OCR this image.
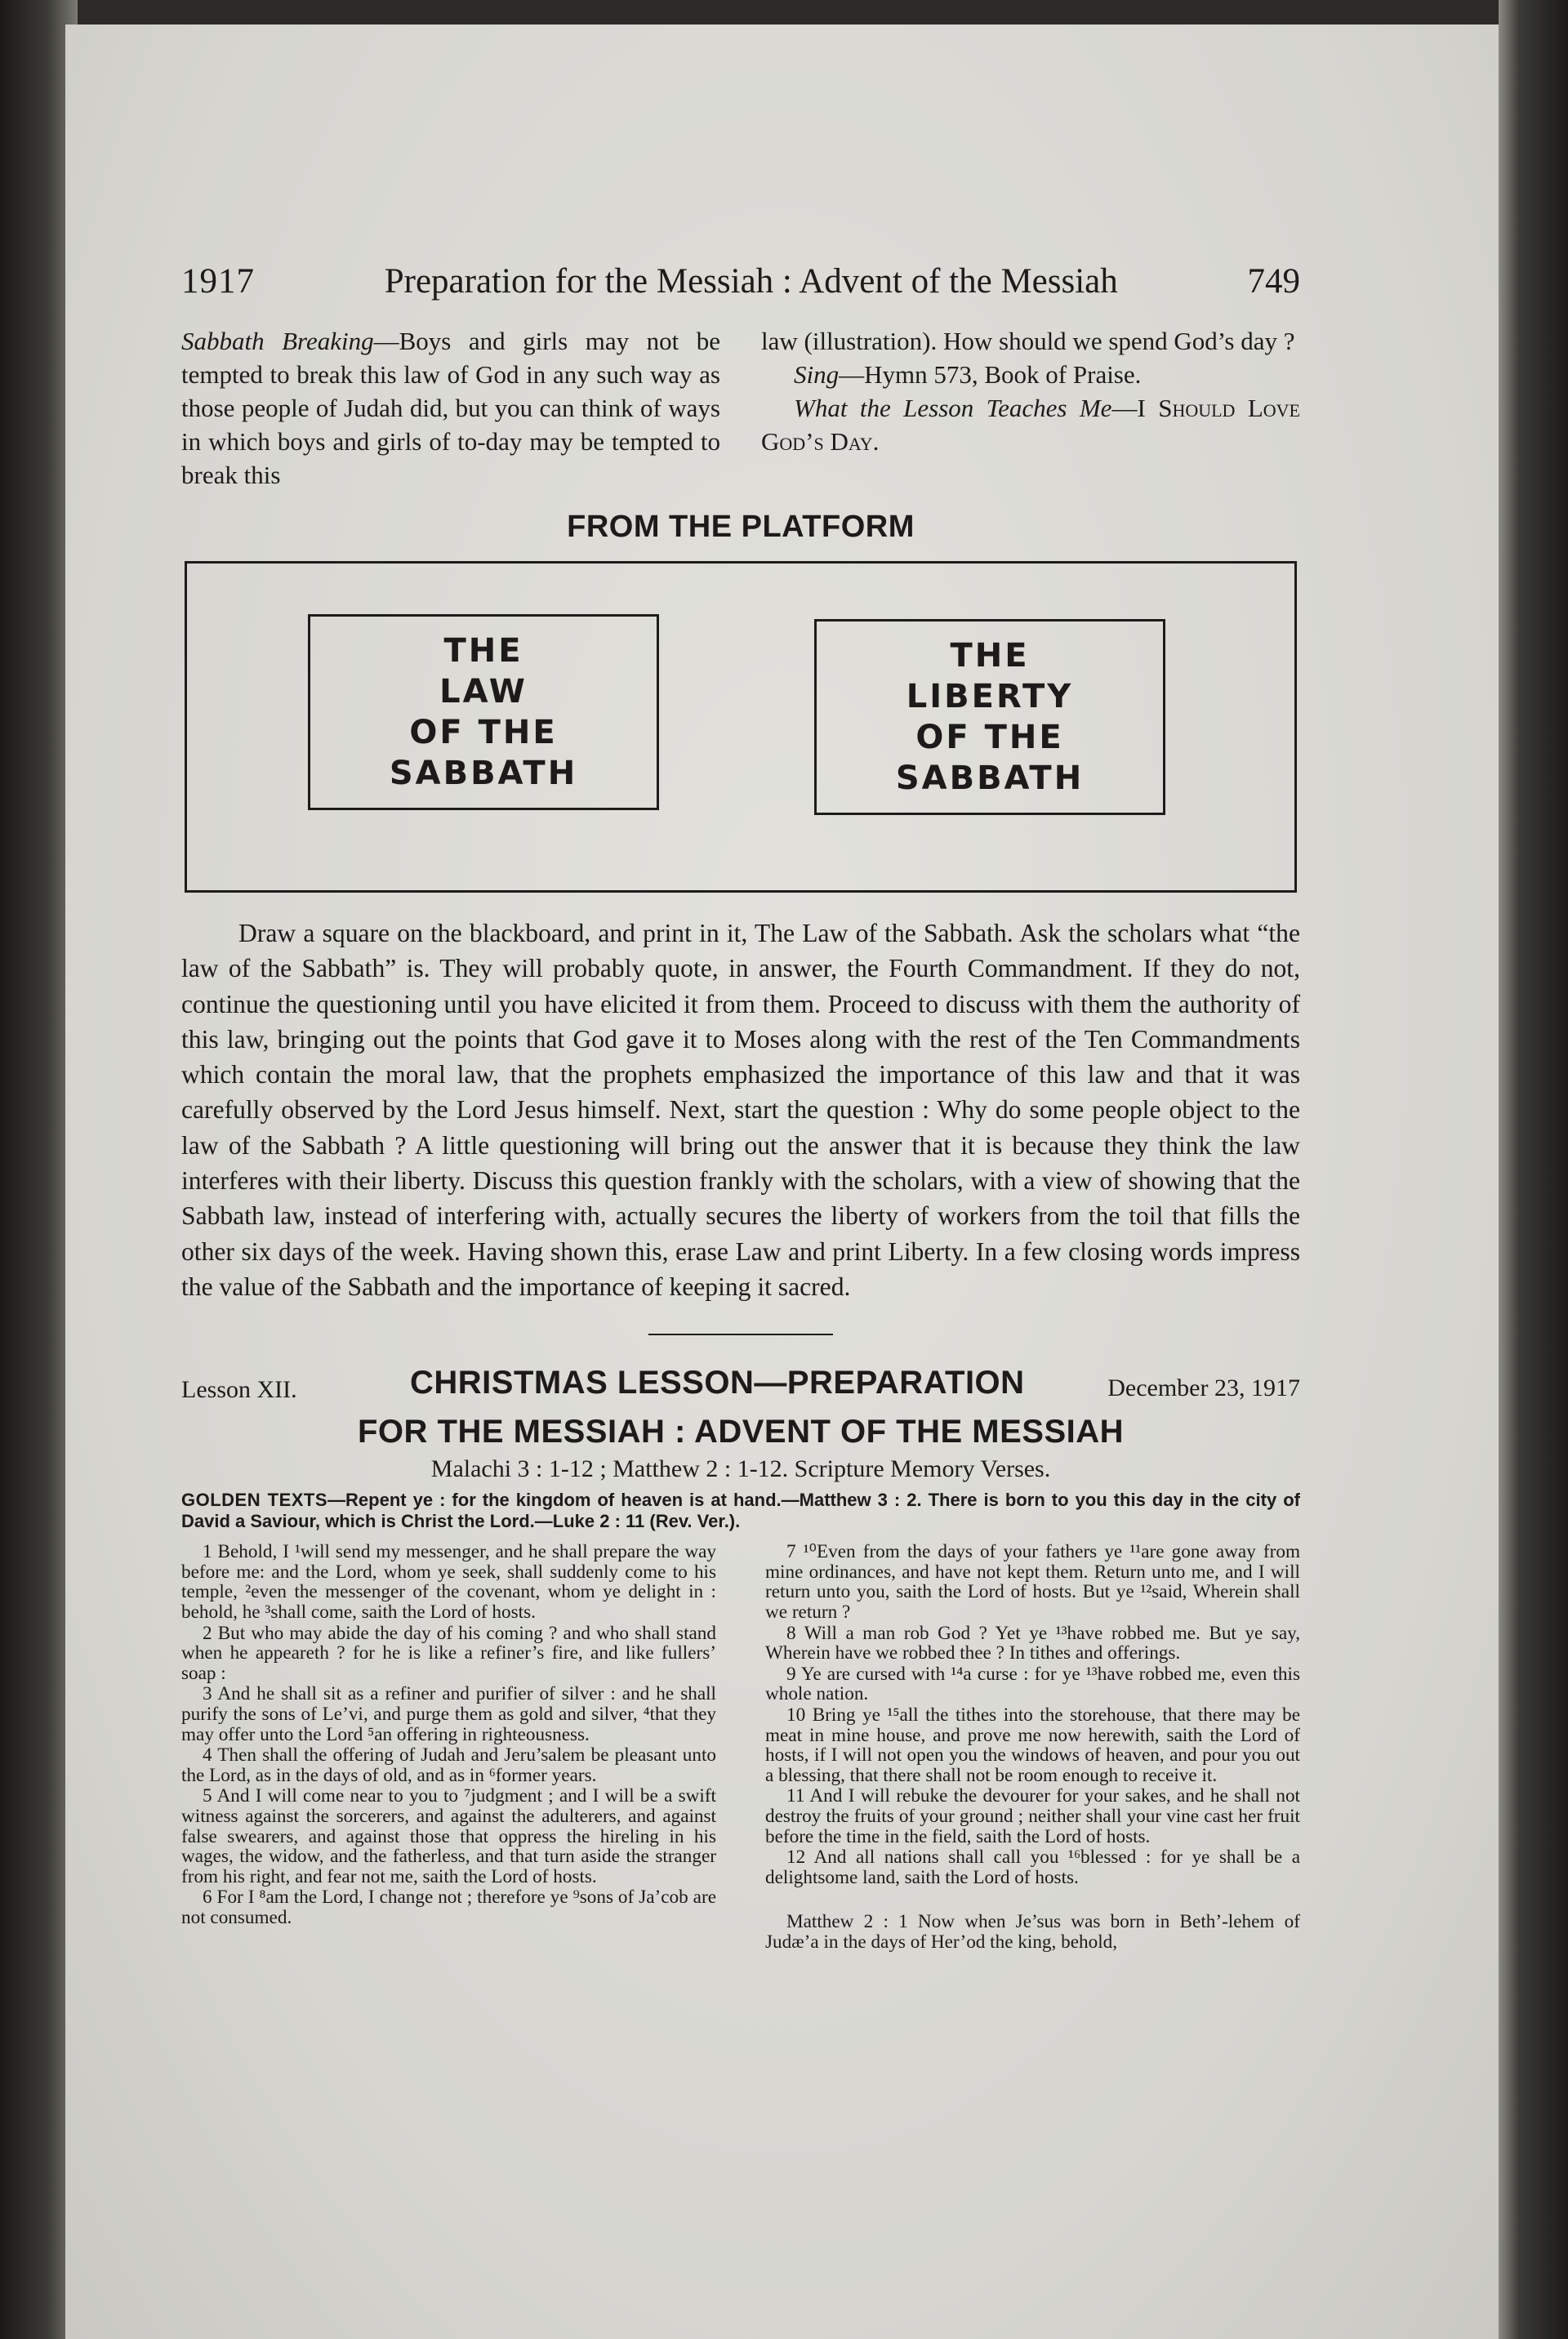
1917	Preparation for the Messiah : Advent of the Messiah	749

Sabbath Breaking—Boys and girls may not be tempted to break this law of God in any such way as those people of Judah did, but you can think of ways in which boys and girls of to-day may be tempted to break this

law (illustration). How should we spend God’s day ?

Sing—Hymn 573, Book of Praise.

What the Lesson Teaches Me—I Should Love God’s Day.

FROM THE PLATFORM
THE
LAW
OF THE
SABBATH
THE
LIBERTY
OF THE
SABBATH

Draw a square on the blackboard, and print in it, The Law of the Sabbath. Ask the scholars what “the law of the Sabbath” is. They will probably quote, in answer, the Fourth Commandment. If they do not, continue the questioning until you have elicited it from them. Proceed to discuss with them the authority of this law, bringing out the points that God gave it to Moses along with the rest of the Ten Commandments which contain the moral law, that the prophets emphasized the importance of this law and that it was carefully observed by the Lord Jesus himself. Next, start the question : Why do some people object to the law of the Sabbath ? A little questioning will bring out the answer that it is because they think the law interferes with their liberty. Discuss this question frankly with the scholars, with a view of showing that the Sabbath law, instead of interfering with, actually secures the liberty of workers from the toil that fills the other six days of the week. Having shown this, erase Law and print Liberty. In a few closing words impress the value of the Sabbath and the importance of keeping it sacred.

Lesson XII.	CHRISTMAS LESSON—PREPARATION	December 23, 1917
FOR THE MESSIAH : ADVENT OF THE MESSIAH
Malachi 3 : 1-12 ; Matthew 2 : 1-12. Scripture Memory Verses.
GOLDEN TEXTS—Repent ye : for the kingdom of heaven is at hand.—Matthew 3 : 2. There is born to you this day in the city of David a Saviour, which is Christ the Lord.—Luke 2 : 11 (Rev. Ver.).

1 Behold, I ¹will send my messenger, and he shall prepare the way before me: and the Lord, whom ye seek, shall suddenly come to his temple, ²even the messenger of the covenant, whom ye delight in : behold, he ³shall come, saith the Lord of hosts.

2 But who may abide the day of his coming ? and who shall stand when he appeareth ? for he is like a refiner’s fire, and like fullers’ soap :

3 And he shall sit as a refiner and purifier of silver : and he shall purify the sons of Le’vi, and purge them as gold and silver, ⁴that they may offer unto the Lord ⁵an offering in righteousness.

4 Then shall the offering of Judah and Jeru’salem be pleasant unto the Lord, as in the days of old, and as in ⁶former years.

5 And I will come near to you to ⁷judgment ; and I will be a swift witness against the sorcerers, and against the adulterers, and against false swearers, and against those that oppress the hireling in his wages, the widow, and the fatherless, and that turn aside the stranger from his right, and fear not me, saith the Lord of hosts.

6 For I ⁸am the Lord, I change not ; therefore ye ⁹sons of Ja’cob are not consumed.

7 ¹⁰Even from the days of your fathers ye ¹¹are gone away from mine ordinances, and have not kept them. Return unto me, and I will return unto you, saith the Lord of hosts. But ye ¹²said, Wherein shall we return ?

8 Will a man rob God ? Yet ye ¹³have robbed me. But ye say, Wherein have we robbed thee ? In tithes and offerings.

9 Ye are cursed with ¹⁴a curse : for ye ¹³have robbed me, even this whole nation.

10 Bring ye ¹⁵all the tithes into the storehouse, that there may be meat in mine house, and prove me now herewith, saith the Lord of hosts, if I will not open you the windows of heaven, and pour you out a blessing, that there shall not be room enough to receive it.

11 And I will rebuke the devourer for your sakes, and he shall not destroy the fruits of your ground ; neither shall your vine cast her fruit before the time in the field, saith the Lord of hosts.

12 And all nations shall call you ¹⁶blessed : for ye shall be a delightsome land, saith the Lord of hosts.

Matthew 2 : 1 Now when Je’sus was born in Beth’-lehem of Judæ’a in the days of Her’od the king, behold,
